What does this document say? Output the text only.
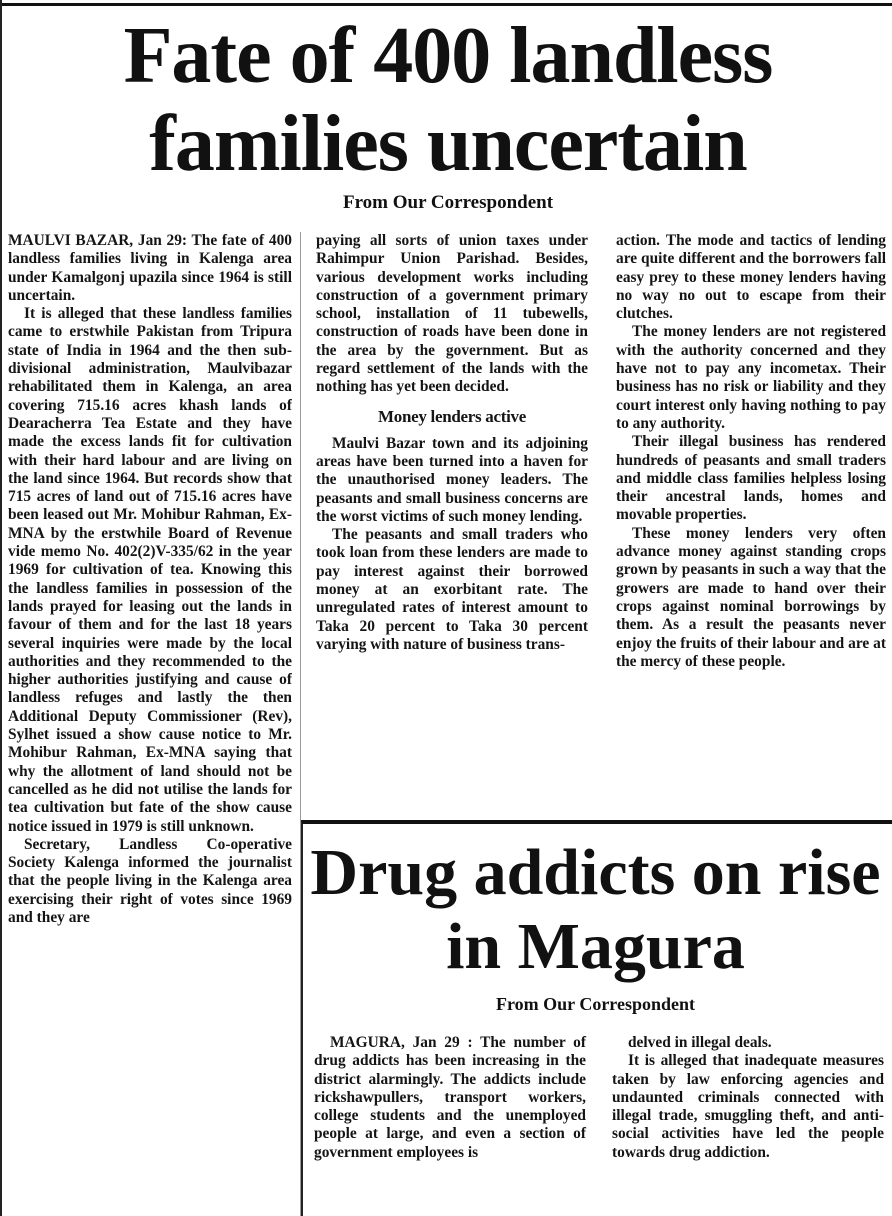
Fate of 400 landless families uncertain
From Our Correspondent

MAULVI BAZAR, Jan 29: The fate of 400 landless families living in Kalenga area under Kamalgonj upazila since 1964 is still uncertain.

It is alleged that these landless families came to erstwhile Pakistan from Tripura state of India in 1964 and the then sub-divisional administration, Maulvibazar rehabilitated them in Kalenga, an area covering 715.16 acres khash lands of Dearacherra Tea Estate and they have made the excess lands fit for cultivation with their hard labour and are living on the land since 1964. But records show that 715 acres of land out of 715.16 acres have been leased out Mr. Mohibur Rahman, Ex-MNA by the erstwhile Board of Revenue vide memo No. 402(2)V-335/62 in the year 1969 for cultivation of tea. Knowing this the landless families in possession of the lands prayed for leasing out the lands in favour of them and for the last 18 years several inquiries were made by the local authorities and they recommended to the higher authorities justifying and cause of landless refuges and lastly the then Additional Deputy Commissioner (Rev), Sylhet issued a show cause notice to Mr. Mohibur Rahman, Ex-MNA saying that why the allotment of land should not be cancelled as he did not utilise the lands for tea cultivation but fate of the show cause notice issued in 1979 is still unknown.

Secretary, Landless Co-operative Society Kalenga informed the journalist that the people living in the Kalenga area exercising their right of votes since 1969 and they are

paying all sorts of union taxes under Rahimpur Union Parishad. Besides, various development works including construction of a government primary school, installation of 11 tubewells, construction of roads have been done in the area by the government. But as regard settlement of the lands with the nothing has yet been decided.

Money lenders active

Maulvi Bazar town and its adjoining areas have been turned into a haven for the unauthorised money leaders. The peasants and small business concerns are the worst victims of such money lending.

The peasants and small traders who took loan from these lenders are made to pay interest against their borrowed money at an exorbitant rate. The unregulated rates of interest amount to Taka 20 percent to Taka 30 percent varying with nature of business trans-

action. The mode and tactics of lending are quite different and the borrowers fall easy prey to these money lenders having no way no out to escape from their clutches.

The money lenders are not registered with the authority concerned and they have not to pay any incometax. Their business has no risk or liability and they court interest only having nothing to pay to any authority.

Their illegal business has rendered hundreds of peasants and small traders and middle class families helpless losing their ancestral lands, homes and movable properties.

These money lenders very often advance money against standing crops grown by peasants in such a way that the growers are made to hand over their crops against nominal borrowings by them. As a result the peasants never enjoy the fruits of their labour and are at the mercy of these people.

Drug addicts on rise in Magura
From Our Correspondent

MAGURA, Jan 29 : The number of drug addicts has been increasing in the district alarmingly. The addicts include rickshawpullers, transport workers, college students and the unemployed people at large, and even a section of government employees is

delved in illegal deals.

It is alleged that inadequate measures taken by law enforcing agencies and undaunted criminals connected with illegal trade, smuggling theft, and anti-social activities have led the people towards drug addiction.
